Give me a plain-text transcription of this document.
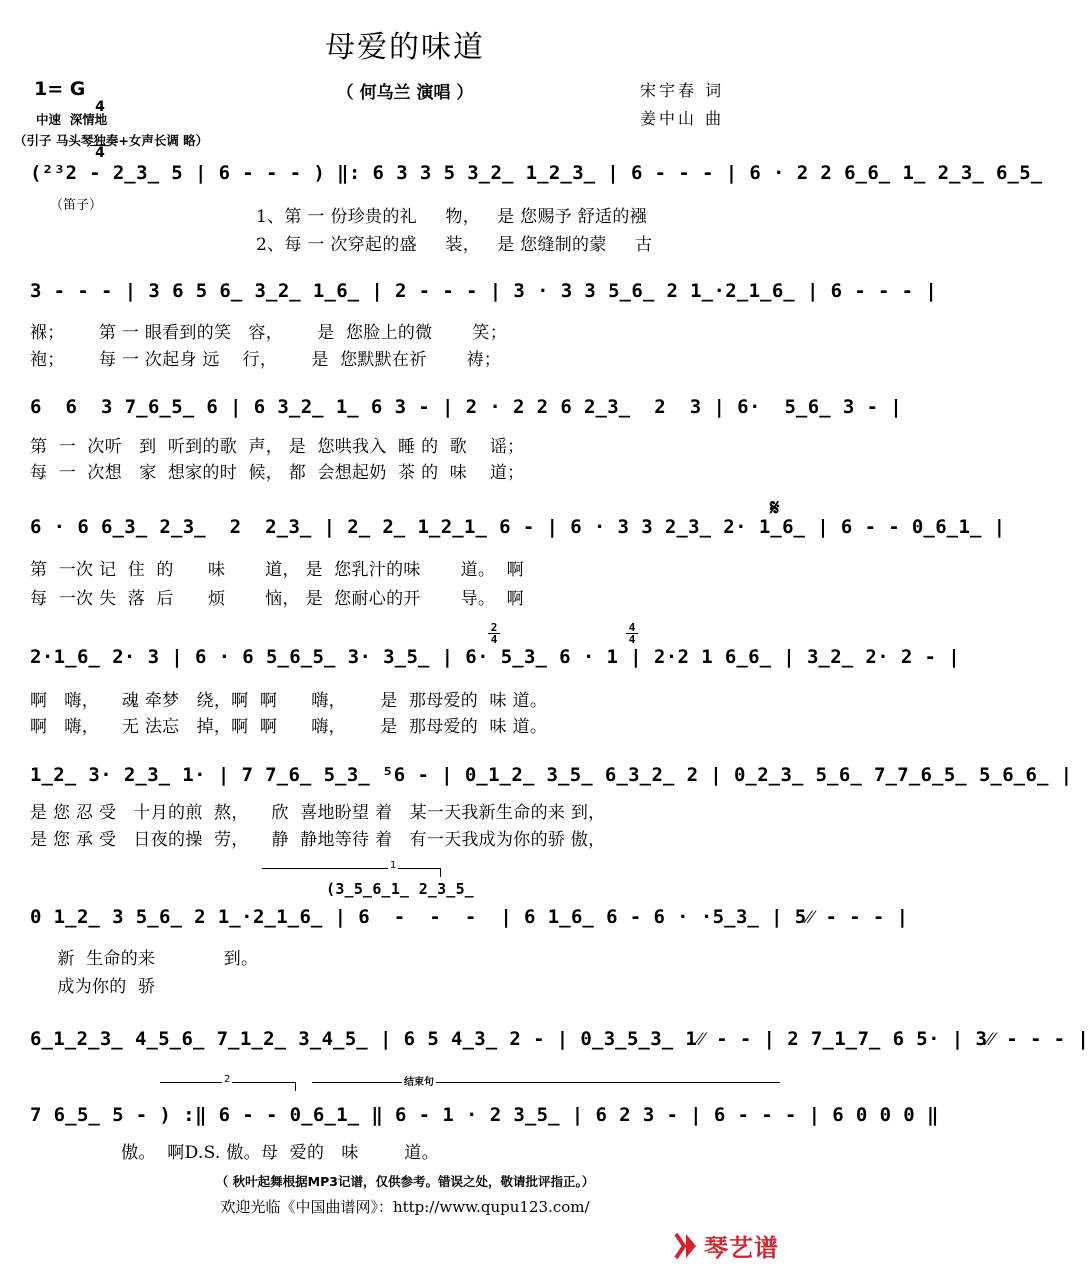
母爱的味道
1= G

4

4

（ 何乌兰 演唱 ）	宋宇春 词
姜中山 曲
中速  深情地
（引子 马头琴独奏+女声长调 略）
(²³2 - 2̲3̲ 5 | 6 - - - ) ‖: 6 3 3 5 3̲2̲ 1̲2̲3̲ | 6 - - - | 6 · 2 2 6̲6̲ 1̲ 2̲3̲ 6̲5̲
（笛子）
1、第 一 份珍贵的礼     物，   是 您赐予 舒适的襁
2、每 一 次穿起的盛     装，   是 您缝制的蒙     古
3 - - - | 3 6 5 6̲ 3̲2̲ 1̲6̲ | 2 - - - | 3 · 3 3 5̲6̲ 2 1̲·2̲1̲6̲ | 6 - - - |
褓；      第 一 眼看到的笑   容，      是  您脸上的微       笑；
袍；      每 一 次起身 远    行，      是  您默默在祈       祷；
6  6  3 7̲6̲5̲ 6 | 6 3̲2̲ 1̲ 6 3 - | 2 · 2 2 6 2̲3̲  2  3 | 6·  5̲6̲ 3 - |
第  一  次听   到  听到的歌  声， 是  您哄我入  睡 的  歌    谣；
每  一  次想   家  想家的时  候， 都  会想起奶  茶 的  味    道；
6 · 6 6̲3̲ 2̲3̲  2  2̲3̲ | 2̲ 2̲ 1̲2̲1̲ 6 - | 6 · 3 3 2̲3̲ 2· 1̲6̲ | 6 - - 0̲6̲1̲ |
第  一次 记  住  的      味       道， 是  您乳汁的味       道。  啊
每  一次 失  落  后      烦       恼， 是  您耐心的开       导。  啊
𝄋
2·1̲6̲ 2· 3 | 6 · 6 5̲6̲5̲ 3· 3̲5̲ | 6· 5̲3̲ 6 · 1 | 2·2 1 6̲6̲ | 3̲2̲ 2· 2 - |
2
4
4
4
啊   嗨，    魂 牵梦   绕，啊  啊      嗨，      是  那母爱的  味 道。
啊   嗨，    无 法忘   掉，啊  啊      嗨，      是  那母爱的  味 道。
1̲2̲ 3· 2̲3̲ 1· | 7 7̲6̲ 5̲3̲ ⁵6 - | 0̲1̲2̲ 3̲5̲ 6̲3̲2̲ 2 | 0̲2̲3̲ 5̲6̲ 7̲7̲6̲5̲ 5̲6̲6̲ |
是 您 忍 受   十月的煎  熬，    欣  喜地盼望 着   某一天我新生命的来 到，
是 您 承 受   日夜的操  劳，    静  静地等待 着   有一天我成为你的骄 傲，
1
(3̲5̲6̲1̲ 2̲3̲5̲
0 1̲2̲ 3 5̲6̲ 2 1̲·2̲1̲6̲ | 6  -  -  -  | 6 1̲6̲ 6 - 6 · ·5̲3̲ | 5⁄⁄ - - - |
新  生命的来            到。
成为你的  骄
6̲1̲2̲3̲ 4̲5̲6̲ 7̲1̲2̲ 3̲4̲5̲ | 6 5 4̲3̲ 2 - | 0̲3̲5̲3̲ 1⁄⁄ - - | 2 7̲1̲7̲ 6 5· | 3⁄⁄ - - - |
2	结束句
7 6̲5̲ 5 - ) :‖ 6 - - 0̲6̲1̲ ‖ 6 - 1 · 2 3̲5̲ | 6 2 3 - | 6 - - - | 6 0 0 0 ‖
傲。  啊D.S. 傲。母  爱的   味        道。
（ 秋叶起舞根据MP3记谱，仅供参考。错误之处，敬请批评指正。）
欢迎光临《中国曲谱网》：http://www.qupu123.com/
琴艺谱
